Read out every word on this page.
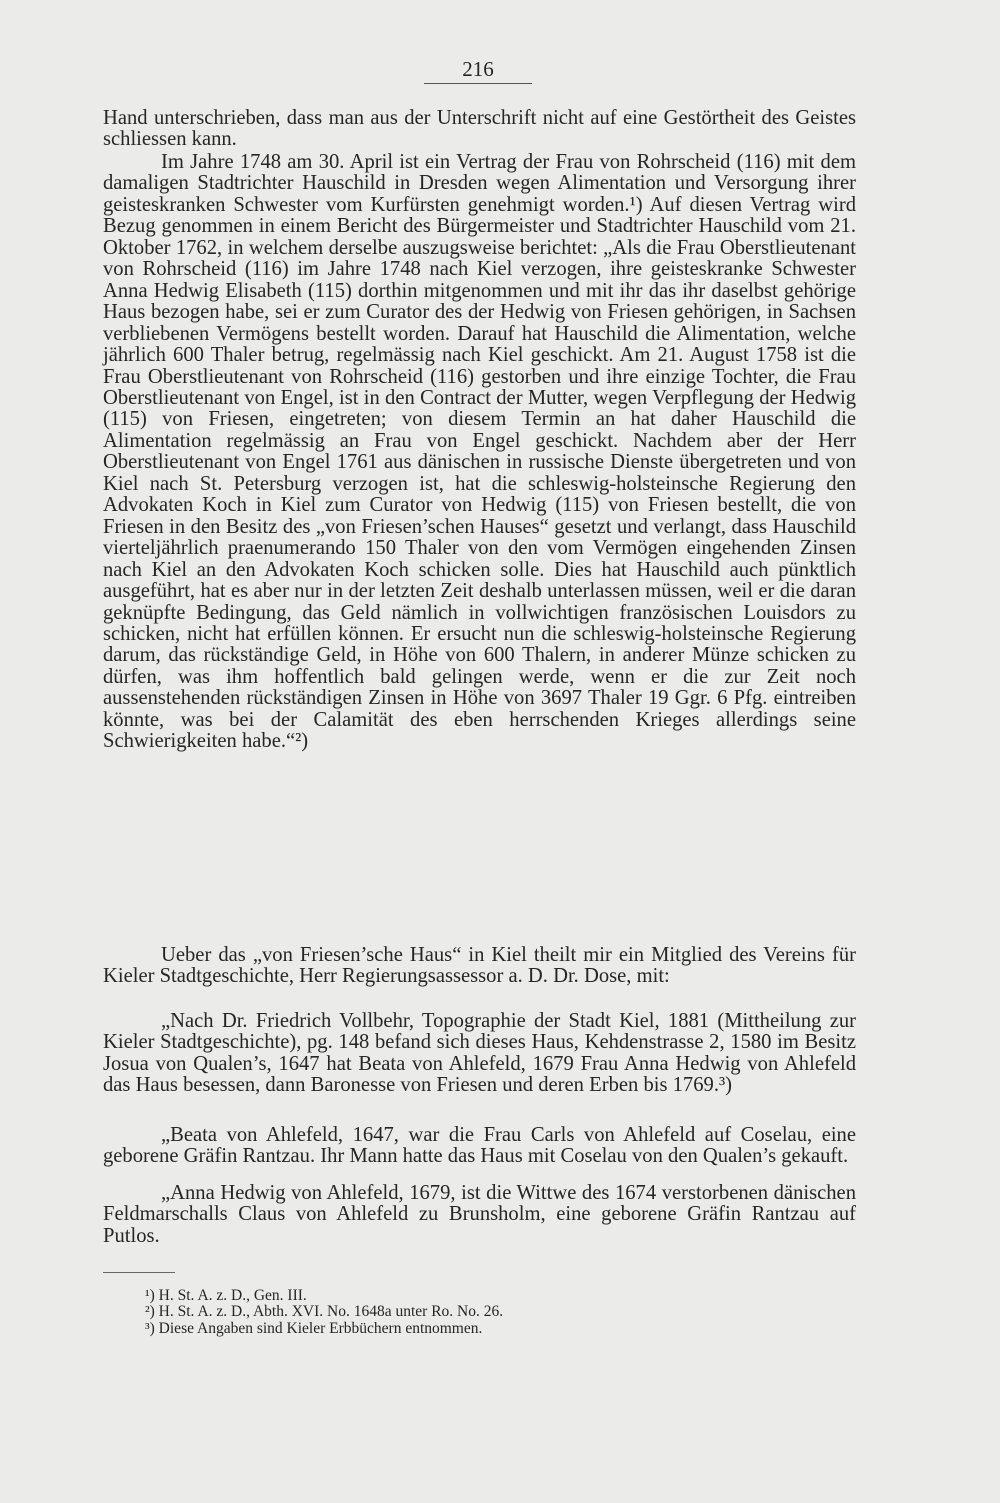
216

Hand unterschrieben, dass man aus der Unterschrift nicht auf eine Gestörtheit des Geistes schliessen kann.

Im Jahre 1748 am 30. April ist ein Vertrag der Frau von Rohrscheid (116) mit dem damaligen Stadtrichter Hauschild in Dresden wegen Alimentation und Versorgung ihrer geisteskranken Schwester vom Kurfürsten genehmigt worden.¹) Auf diesen Vertrag wird Bezug genommen in einem Bericht des Bürgermeister und Stadtrichter Hauschild vom 21. Oktober 1762, in welchem derselbe auszugsweise berichtet: „Als die Frau Oberstlieutenant von Rohrscheid (116) im Jahre 1748 nach Kiel verzogen, ihre geisteskranke Schwester Anna Hedwig Elisabeth (115) dorthin mitgenommen und mit ihr das ihr daselbst gehörige Haus bezogen habe, sei er zum Curator des der Hedwig von Friesen gehörigen, in Sachsen verbliebenen Vermögens bestellt worden. Darauf hat Hauschild die Alimentation, welche jährlich 600 Thaler betrug, regelmässig nach Kiel geschickt. Am 21. August 1758 ist die Frau Oberstlieutenant von Rohrscheid (116) gestorben und ihre einzige Tochter, die Frau Oberstlieutenant von Engel, ist in den Contract der Mutter, wegen Verpflegung der Hedwig (115) von Friesen, eingetreten; von diesem Termin an hat daher Hauschild die Alimentation regelmässig an Frau von Engel geschickt. Nachdem aber der Herr Oberstlieutenant von Engel 1761 aus dänischen in russische Dienste übergetreten und von Kiel nach St. Petersburg verzogen ist, hat die schleswig-holsteinsche Regierung den Advokaten Koch in Kiel zum Curator von Hedwig (115) von Friesen bestellt, die von Friesen in den Besitz des „von Friesen’schen Hauses“ gesetzt und verlangt, dass Hauschild vierteljährlich praenumerando 150 Thaler von den vom Vermögen eingehenden Zinsen nach Kiel an den Advokaten Koch schicken solle. Dies hat Hauschild auch pünktlich ausgeführt, hat es aber nur in der letzten Zeit deshalb unterlassen müssen, weil er die daran geknüpfte Bedingung, das Geld nämlich in vollwichtigen französischen Louisdors zu schicken, nicht hat erfüllen können. Er ersucht nun die schleswig-holsteinsche Regierung darum, das rückständige Geld, in Höhe von 600 Thalern, in anderer Münze schicken zu dürfen, was ihm hoffentlich bald gelingen werde, wenn er die zur Zeit noch aussenstehenden rückständigen Zinsen in Höhe von 3697 Thaler 19 Ggr. 6 Pfg. eintreiben könnte, was bei der Calamität des eben herrschenden Krieges allerdings seine Schwierigkeiten habe.“²)

Ueber das „von Friesen’sche Haus“ in Kiel theilt mir ein Mitglied des Vereins für Kieler Stadtgeschichte, Herr Regierungsassessor a. D. Dr. Dose, mit:

„Nach Dr. Friedrich Vollbehr, Topographie der Stadt Kiel, 1881 (Mittheilung zur Kieler Stadtgeschichte), pg. 148 befand sich dieses Haus, Kehdenstrasse 2, 1580 im Besitz Josua von Qualen’s, 1647 hat Beata von Ahlefeld, 1679 Frau Anna Hedwig von Ahlefeld das Haus besessen, dann Baronesse von Friesen und deren Erben bis 1769.³)

„Beata von Ahlefeld, 1647, war die Frau Carls von Ahlefeld auf Coselau, eine geborene Gräfin Rantzau. Ihr Mann hatte das Haus mit Coselau von den Qualen’s gekauft.

„Anna Hedwig von Ahlefeld, 1679, ist die Wittwe des 1674 verstorbenen dänischen Feldmarschalls Claus von Ahlefeld zu Brunsholm, eine geborene Gräfin Rantzau auf Putlos.

¹) H. St. A. z. D., Gen. III.

²) H. St. A. z. D., Abth. XVI. No. 1648a unter Ro. No. 26.

³) Diese Angaben sind Kieler Erbbüchern entnommen.
